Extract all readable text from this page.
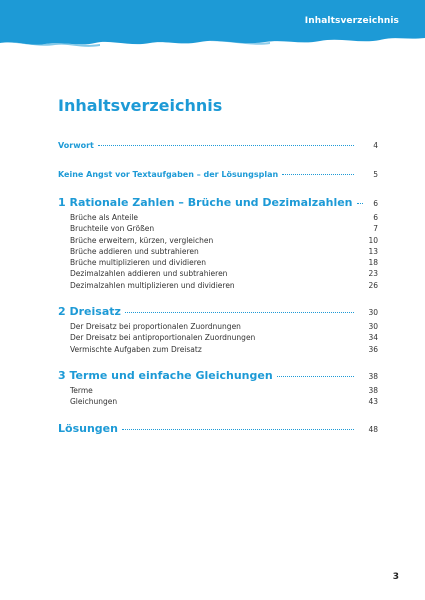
Inhaltsverzeichnis
Inhaltsverzeichnis
Vorwort	4
Keine Angst vor Textaufgaben – der Lösungsplan	5
1 Rationale Zahlen – Brüche und Dezimalzahlen	6
Brüche als Anteile	6
Bruchteile von Größen	7
Brüche erweitern, kürzen, vergleichen	10
Brüche addieren und subtrahieren	13
Brüche multiplizieren und dividieren	18
Dezimalzahlen addieren und subtrahieren	23
Dezimalzahlen multiplizieren und dividieren	26
2 Dreisatz	30
Der Dreisatz bei proportionalen Zuordnungen	30
Der Dreisatz bei antiproportionalen Zuordnungen	34
Vermischte Aufgaben zum Dreisatz	36
3 Terme und einfache Gleichungen	38
Terme	38
Gleichungen	43
Lösungen	48
3
